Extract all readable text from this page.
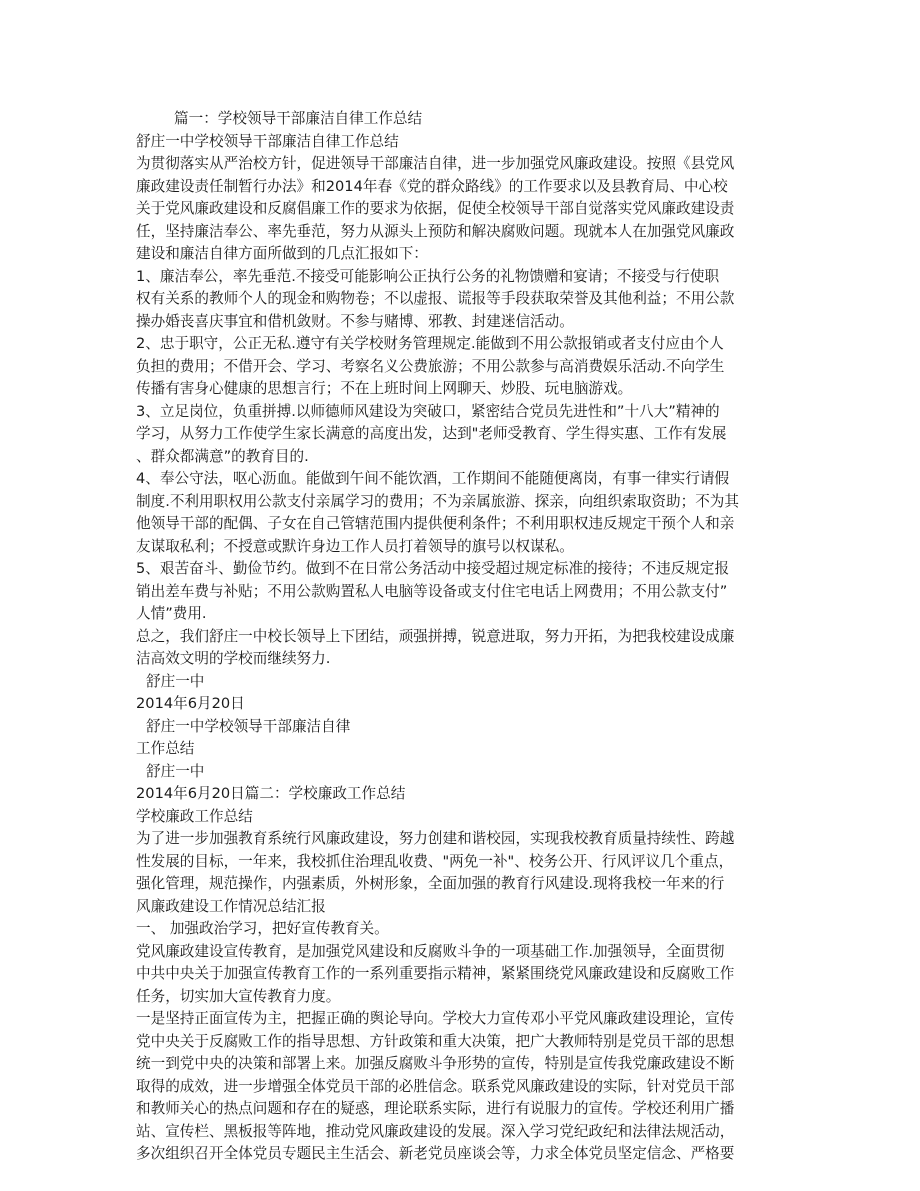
篇一：学校领导干部廉洁自律工作总结
舒庄一中学校领导干部廉洁自律工作总结
为贯彻落实从严治校方针，促进领导干部廉洁自律，进一步加强党风廉政建设。按照《县党风
廉政建设责任制暂行办法》和2014年春《党的群众路线》的工作要求以及县教育局、中心校
关于党风廉政建设和反腐倡廉工作的要求为依据，促使全校领导干部自觉落实党风廉政建设责
任，坚持廉洁奉公、率先垂范，努力从源头上预防和解决腐败问题。现就本人在加强党风廉政
建设和廉洁自律方面所做到的几点汇报如下：
1、廉洁奉公，率先垂范.不接受可能影响公正执行公务的礼物馈赠和宴请；不接受与行使职
权有关系的教师个人的现金和购物卷；不以虚报、谎报等手段获取荣誉及其他利益；不用公款
操办婚丧喜庆事宜和借机敛财。不参与赌博、邪教、封建迷信活动。
2、忠于职守，公正无私.遵守有关学校财务管理规定.能做到不用公款报销或者支付应由个人
负担的费用；不借开会、学习、考察名义公费旅游；不用公款参与高消费娱乐活动.不向学生
传播有害身心健康的思想言行；不在上班时间上网聊天、炒股、玩电脑游戏。
3、立足岗位，负重拼搏.以师德师风建设为突破口，紧密结合党员先进性和”十八大”精神的
学习，从努力工作使学生家长满意的高度出发，达到"老师受教育、学生得实惠、工作有发展
、群众都满意”的教育目的.
4、奉公守法，呕心沥血。能做到午间不能饮酒，工作期间不能随便离岗，有事一律实行请假
制度.不利用职权用公款支付亲属学习的费用；不为亲属旅游、探亲，向组织索取资助；不为其
他领导干部的配偶、子女在自己管辖范围内提供便利条件；不利用职权违反规定干预个人和亲
友谋取私利；不授意或默许身边工作人员打着领导的旗号以权谋私。
5、艰苦奋斗、勤俭节约。做到不在日常公务活动中接受超过规定标准的接待；不违反规定报
销出差车费与补贴；不用公款购置私人电脑等设备或支付住宅电话上网费用；不用公款支付”
人情”费用.
总之，我们舒庄一中校长领导上下团结，顽强拼搏，锐意进取，努力开拓，为把我校建设成廉
洁高效文明的学校而继续努力.
舒庄一中
2014年6月20日
舒庄一中学校领导干部廉洁自律
工作总结
舒庄一中
2014年6月20日篇二：学校廉政工作总结
学校廉政工作总结
为了进一步加强教育系统行风廉政建设，努力创建和谐校园，实现我校教育质量持续性、跨越
性发展的目标，一年来，我校抓住治理乱收费、"两免一补"、校务公开、行风评议几个重点，
强化管理，规范操作，内强素质，外树形象，全面加强的教育行风建设.现将我校一年来的行
风廉政建设工作情况总结汇报
一、 加强政治学习，把好宣传教育关。
党风廉政建设宣传教育，是加强党风建设和反腐败斗争的一项基础工作.加强领导，全面贯彻
中共中央关于加强宣传教育工作的一系列重要指示精神，紧紧围绕党风廉政建设和反腐败工作
任务，切实加大宣传教育力度。
一是坚持正面宣传为主，把握正确的舆论导向。学校大力宣传邓小平党风廉政建设理论，宣传
党中央关于反腐败工作的指导思想、方针政策和重大决策，把广大教师特别是党员干部的思想
统一到党中央的决策和部署上来。加强反腐败斗争形势的宣传，特别是宣传我党廉政建设不断
取得的成效，进一步增强全体党员干部的必胜信念。联系党风廉政建设的实际，针对党员干部
和教师关心的热点问题和存在的疑惑，理论联系实际，进行有说服力的宣传。学校还利用广播
站、宣传栏、黑板报等阵地，推动党风廉政建设的发展。深入学习党纪政纪和法律法规活动，
多次组织召开全体党员专题民主生活会、新老党员座谈会等，力求全体党员坚定信念、严格要
